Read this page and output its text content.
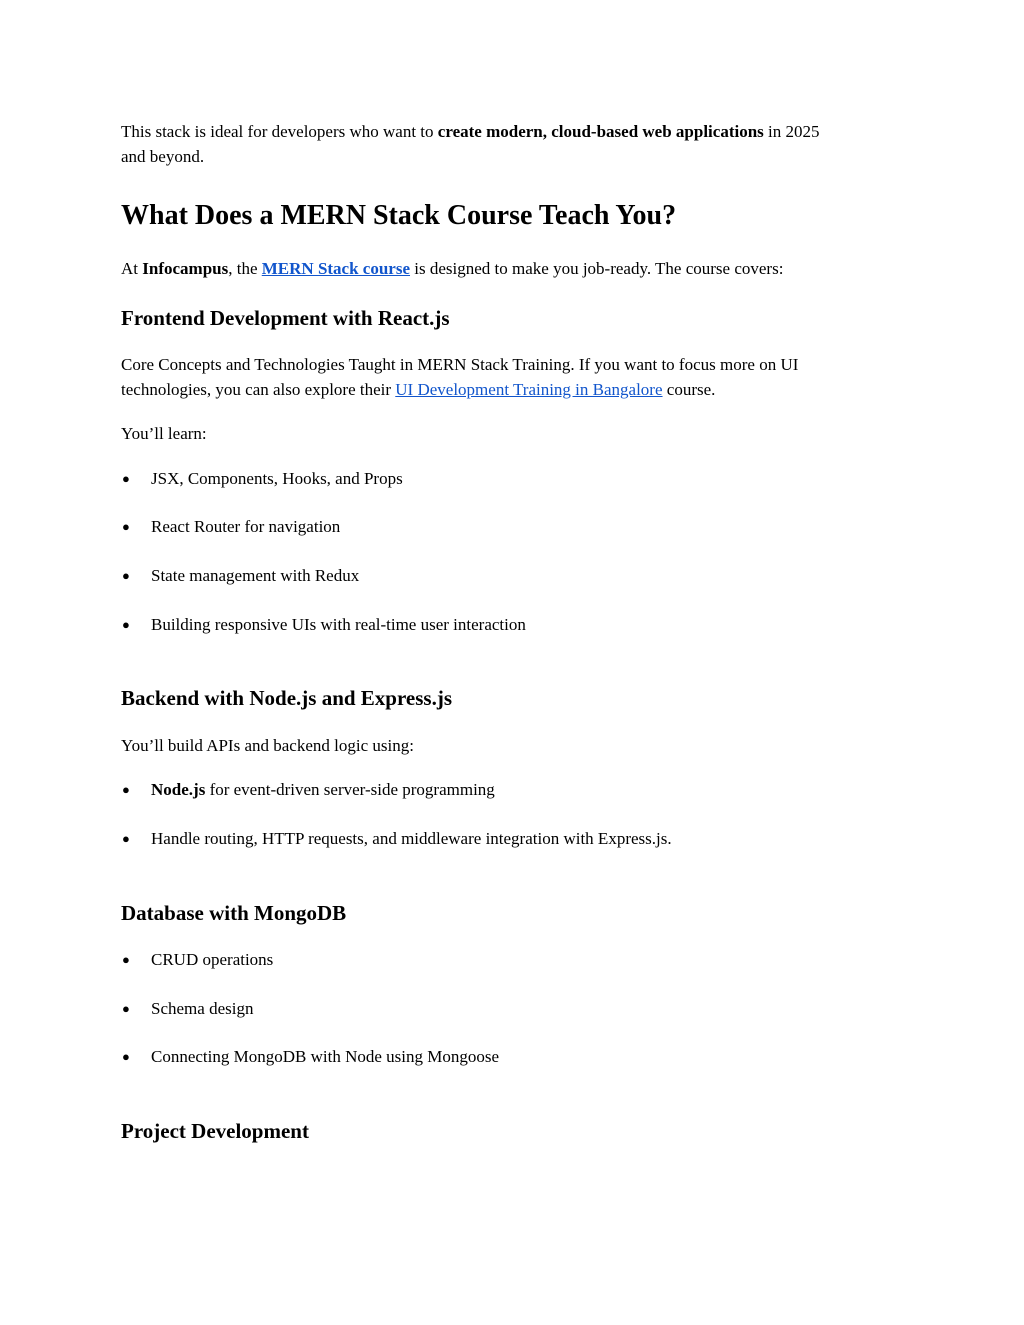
This stack is ideal for developers who want to create modern, cloud-based web applications in 2025
and beyond.
What Does a MERN Stack Course Teach You?
At Infocampus, the MERN Stack course is designed to make you job-ready. The course covers:
Frontend Development with React.js
Core Concepts and Technologies Taught in MERN Stack Training. If you want to focus more on UI
technologies, you can also explore their UI Development Training in Bangalore course.
You’ll learn:
● JSX, Components, Hooks, and Props
● React Router for navigation
● State management with Redux
● Building responsive UIs with real-time user interaction
Backend with Node.js and Express.js
You’ll build APIs and backend logic using:
● Node.js for event-driven server-side programming
● Handle routing, HTTP requests, and middleware integration with Express.js.
Database with MongoDB
● CRUD operations
● Schema design
● Connecting MongoDB with Node using Mongoose
Project Development
